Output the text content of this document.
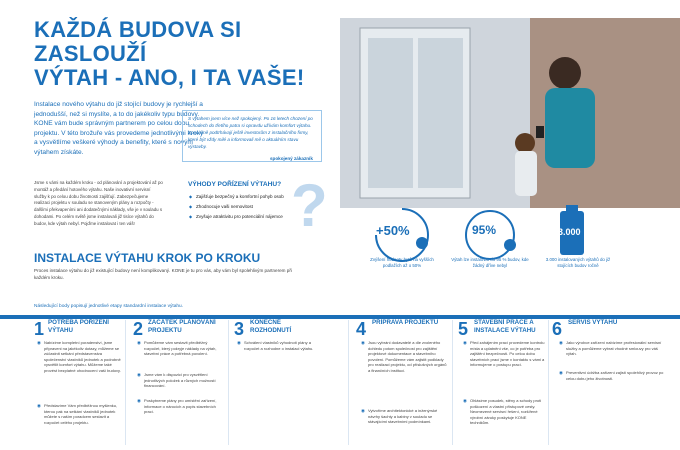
KAŽDÁ BUDOVA SI ZASLOUŽÍ
VÝTAH - ANO, I TA VAŠE!
Instalace nového výtahu do již stojící budovy je rychlejší a jednodušší, než si myslíte, a to do jakékoliv typu budovy. KONE vám bude správným partnerem po celou dobu projektu. V této brožuře vás provedeme jednotlivými kroky a vysvětlíme veškeré výhody a benefity, které s novým výtahem získáte.
S výtahem jsem více než spokojený. Po 16 letech chození po schodech do třetího patra si opravdu užívám komfort výtahu. Speciálně podtrhávají ještě investorům z instalačního firmy, které být vždy milé a informovali mě o aktuálním stavu výstavby.
spokojený zákazník
Jsme s vámi na každém kroku - od plánování a projektování až po montáž a předání hotového výtahu. Naše inovativní servisní služby k po celou dobu životnosti zajišťují. Zabezpečujeme realizaci projektu v souladu se stanoveným plány a rozpočty - dalšími překvapeními ani dodatečnými náklady, vše je v souladu s dohodami. Po celém světě jsme instalovali již tisíce výtahů do budov, kde výtah nebyl. Pojďme instalovat i ten váš!
VÝHODY POŘÍZENÍ VÝTAHU?
◆ Zajišťuje bezpečný a komfortní pohyb osob
◆ Zhodnocuje vaši nemovitost
◆ Zvyšuje atraktivitu pro potenciální nájemce ?	+50%
Zvýšení hodnoty bytů na vyšších podlažích až o 50%
95%
Výtah lze instalovat do 95 % budov, kde žádný dříve nebyl
3.000
3.000 instalovaných výtahů do již stojících budov ročně
INSTALACE VÝTAHU KROK PO KROKU
Proces instalace výtahu do již existující budovy není komplikovaný. KONE je tu pro vás, aby vám byl spolehlivým partnerem při každém kroku.
Následující body popisují jednotlivé etapy standardní instalace výtahu.
1 POTŘEBA POŘÍZENÍ VÝTAHU
◉ Nabízíme kompletní poradenství, jsme připraveni na jakékoliv dotazy, můžeme se zúčastnit setkání představenstva společenství vlastníků jednotek a podrobně vysvětlit komfort výtahu. Můžeme také provést bezplatné ohodnocení vaší budovy.
◉ Představíme Vám předběžnou myšlenku, kterou pak na setkání vlastníků jednotek můžete s naším poradcem sestavit a rozpočet celého projektu.
2 ZAČÁTEK PLÁNOVÁNÍ PROJEKTU
◉ Pomůžeme vám sestavit předběžný rozpočet, který pokryje náklady na výtah, stavební práce a potřebná povolení.
◉ Jsme vám k dispozici pro vysvětlení jednotlivých položek a různých možností financování.
◉ Poskytneme plány pro umístění zařízení, informace o nárocích a popis stavebních prací.
3 KONEČNÉ ROZHODNUTÍ
◉ Schválení vlastníků vyhodnotí plány a rozpočet a rozhodne o instalaci výtahu.
4 PŘÍPRAVA PROJEKTU
◉ Jsou vybráni dodavatelé a dle zvoleného dohledu potom společnost pro zajištění projektové dokumentace a stavebního povolení. Pomůžeme vám zajistit podklady pro realizaci projektu, od příslušných orgánů a finančních institucí.
◉ Vytvoříme architektonické a inženýrské návrhy šachty a kabiny v souladu se stávajícími stavebními podmínkami.
5 STAVEBNÍ PRÁCE A INSTALACE VÝTAHU
◉ Před zahájením prací provedeme kontrolu místa a uplatnění vše, co je potřeba pro zajištění bezpečnosti. Po celou dobu stavebních prací jsme v kontaktu s vámi a informujeme o postupu prací.
◉ Ohlásíme posudek, stěny a schody proti poškození a vlastní přístupové cesty. Neomezené servisní řešení, rozšířené výrobní záruky poskytuje KONE technikům.
6 SERVIS VÝTAHU
◉ Jako výrobce zařízení nabízíme profesionální servisní služby a pomůžeme vybrat vhodné smlouvy pro váš výtah.
◉ Preventivní údržba zařízení zajistí spolehlivý provoz po celou dobu jeho životnosti.
